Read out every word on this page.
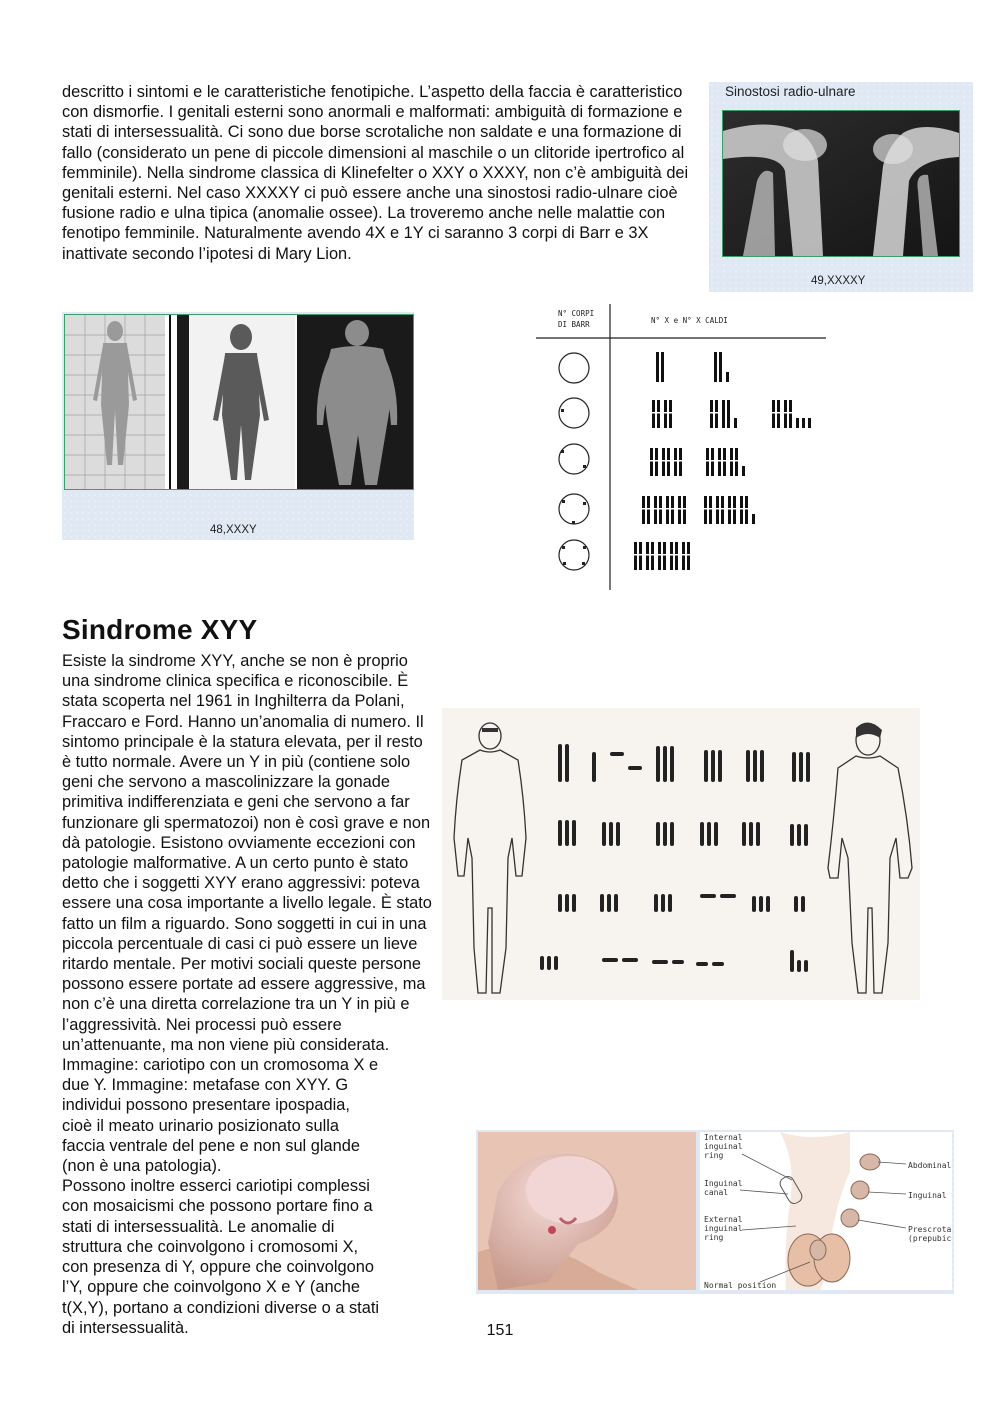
descritto i sintomi e le caratteristiche fenotipiche. L’aspetto della faccia è caratteristico con dismorfie. I genitali esterni sono anormali e malformati: ambiguità di formazione e stati di intersessualità. Ci sono due borse scrotaliche non saldate e una formazione di fallo (considerato un pene di piccole dimensioni al maschile o un clitoride ipertrofico al femminile). Nella sindrome classica di Klinefelter o XXY o XXXY, non c’è ambiguità dei genitali esterni. Nel caso XXXXY ci può essere anche una sinostosi radio-ulnare cioè fusione radio e ulna tipica (anomalie ossee). La troveremo anche nelle malattie con fenotipo femminile. Naturalmente avendo 4X e 1Y ci saranno 3 corpi di Barr e 3X inattivate secondo l’ipotesi di Mary Lion.

Sinostosi radio-ulnare
49,XXXXY
48,XXXY
N° CORPI
DI BARR	N° X e N° X CALDI
Sindrome XYY

Esiste la sindrome XYY, anche se non è proprio una sindrome clinica specifica e riconoscibile. È stata scoperta nel 1961 in Inghilterra da Polani, Fraccaro e Ford. Hanno un’anomalia di numero. Il sintomo principale è la statura elevata, per il resto è tutto normale. Avere un Y in più (contiene solo geni che servono a mascolinizzare la gonade primitiva indifferenziata e geni che servono a far funzionare gli spermatozoi) non è così grave e non dà patologie. Esistono ovviamente eccezioni con patologie malformative. A un certo punto è stato detto che i soggetti XYY erano aggressivi: poteva essere una cosa importante a livello legale. È stato fatto un film a riguardo. Sono soggetti in cui in una piccola percentuale di casi ci può essere un lieve ritardo mentale. Per motivi sociali queste persone possono essere portate ad essere aggressive, ma non c’è una diretta correlazione tra un Y in più e l’aggressività. Nei processi può essere un’attenuante, ma non viene più considerata. Immagine: cariotipo con un cromosoma X e due Y. Immagine: metafase con XYY. G individui possono presentare ipospadia, cioè il meato urinario posizionato sulla faccia ventrale del pene e non sul glande (non è una patologia).

Possono inoltre esserci cariotipi complessi con mosaicismi che possono portare fino a stati di intersessualità. Le anomalie di struttura che coinvolgono i cromosomi X, con presenza di Y, oppure che coinvolgono l’Y, oppure che coinvolgono X e Y (anche t(X,Y), portano a condizioni diverse o a stati di intersessualità.

Internal
inguinal
ring
Inguinal
canal
External
inguinal
ring
Normal position
Abdominal
Inguinal
Prescrotal
(prepubic)
151
